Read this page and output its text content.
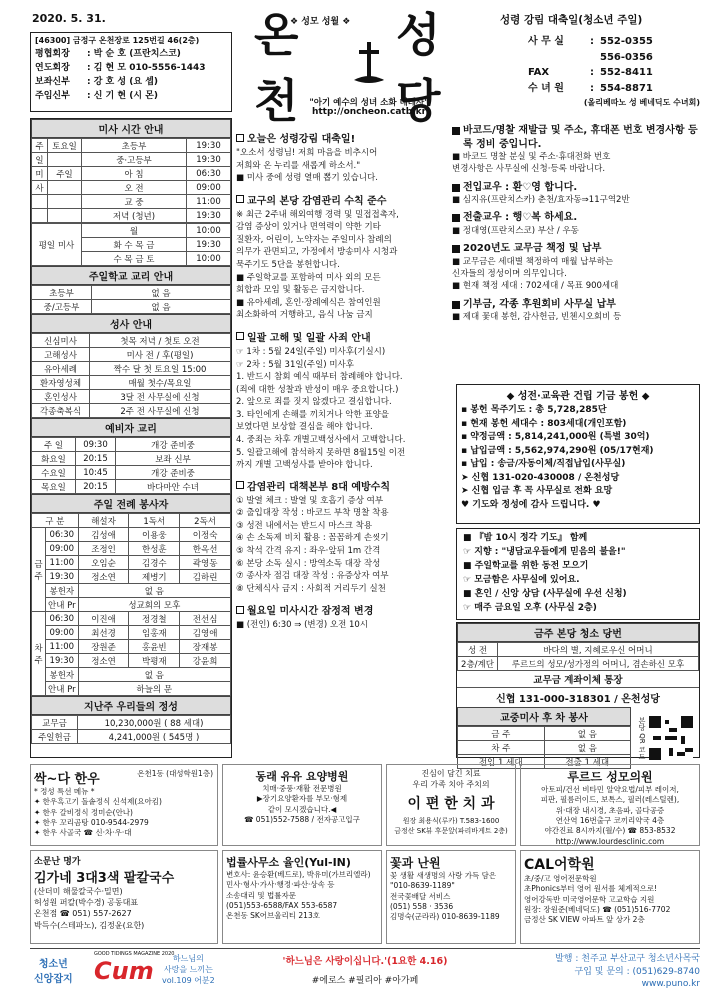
2020. 5. 31.	❖ 성모 성월 ❖	성령 강림 대축일(청소년 주일)
[46300] 금정구 온천장로 125번길 46(2층)
평협회장 : 박 순 호 (프란치스코)
연도회장 : 김 현 모 010-5556-1443
보좌신부 : 강 호 성 (요 셉)
주임신부 : 신 기 현 (시 몬)
온천
성당
"아기 예수의 성녀 소화 데레사"
http://oncheon.catb.kr
사 무 실	: 552-0355
556-0356
FAX	: 552-8411
수 녀 원	: 554-8871
(올리베따노 성 베네딕도 수녀회)
미사 시간 안내
주	토요일	초등부	19:30
일		중·고등부	19:30
미	주일	아 침	06:30
사		오 전	09:00
		교 중	11:00
		저녁 (청년)	19:30
평일 미사	월	10:00
	화 수 목 금	19:30
	수 목 금 토	10:00
주일학교 교리 안내
초등부	없 음
중/고등부	없 음
성사 안내
신심미사	첫목 저녁 / 첫토 오전
고해성사	미사 전 / 후(평일)
유아세례	짝수 달 첫 토요일 15:00
환자영성체	매월 첫수/목요일
혼인성사	3달 전 사무실에 신청
각종축복식	2주 전 사무실에 신청
예비자 교리
주 일	09:30	개강 준비중
화요일	20:15	보좌 신부
수요일	10:45	개강 준비중
목요일	20:15	바다마안 수녀
주일 전례 봉사자
구 분		해설자	1독서	2독서
금 주	06:30	김성애	이용웅	이정숙
	09:00	조정인	한성훈	한옥선
	11:00	오임순	김경수	곽영동
	19:30	정소연	제병기	김하린
	봉헌자	없 음		
	안내 Pr	성교회의 모후		
차 주	06:30	이진애	정경철	전선심
	09:00	최선경	임홍재	김영애
	11:00	장원준	홍윤빈	장재봉
	19:30	정소연	박평재	강윤희
	봉헌자	없 음		
	안내 Pr	하늘의 문		
지난주 우리들의 정성
교무금	10,230,000원 ( 88 세대)
주일헌금	4,241,000원 ( 545명 )
오늘은 성령강림 대축일!
"오소서 성령님! 저희 마음을 비추시어
저희와 온 누리를 새롭게 하소서."
■ 미사 중에 성령 열매 뽑기 있습니다.
교구의 본당 감염관리 수칙 준수
※ 최근 2주내 해외여행 경력 및 밀접접촉자,
감염 증상이 있거나 면역력이 약한 기타
질환자, 어린이, 노약자는 주일미사 참례의
의무가 관면되고, 가정에서 방송미사 시청과
묵주기도 5단을 봉헌합니다.
■ 주일학교를 포함하여 미사 외의 모든
회합과 모임 및 활동은 금지합니다.
■ 유아세례, 혼인·장례예식은 참여인원
최소화하여 거행하고, 음식 나눔 금지
일괄 고해 및 일괄 사죄 안내
☞ 1차 : 5월 24일(주일) 미사후(기실시)
☞ 2차 : 5월 31일(주일) 미사후
1. 반드시 참회 예식 때부터 참례해야 합니다.
(죄에 대한 성찰과 반성이 매우 중요합니다.)
2. 앞으로 죄를 짓지 않겠다고 결심합니다.
3. 타인에게 손해를 끼치거나 악한 표양을
보였다면 보상할 결심을 해야 합니다.
4. 중죄는 차후 개별고백성사에서 고백합니다.
5. 일괄고해에 참석하지 못하면 8월15일 이전
까지 개별 고백성사를 받아야 합니다.
감염관리 대책본부 8대 예방수칙
① 발열 체크 : 발열 및 호흡기 증상 여부
② 출입대장 작성 : 바코드 부착 명찰 착용
③ 성전 내에서는 반드시 마스크 착용
④ 손 소독제 비치 활용 : 꼼꼼하게 손씻기
⑤ 착석 간격 유지 : 좌우·앞뒤 1m 간격
⑥ 본당 소독 실시 : 방역소독 대장 작성
⑦ 종사자 점검 대장 작성 : 유증상자 여부
⑧ 단체식사 금지 : 사회적 거리두기 실천
월요일 미사시간 잠정적 변경
■ (전인) 6:30 ⇒ (변경) 오전 10시
바코드/명찰 재발급 및 주소, 휴대폰 번호 변경사항 등록 정비 중입니다.
■ 바코드 명찰 분실 및 주소·휴대전화 번호
변경사항은 사무실에 신청·등록 바랍니다.
전입교우 : 환♡영 합니다.
■ 심지유(프란치스카) 춘천/효자동⇒11구역2반
전출교우 : 행♡복 하세요.
■ 정대영(프란치스코) 부산 / 우동
2020년도 교무금 책정 및 납부
■ 교무금은 세대별 책정하여 매월 납부하는
신자들의 정성이며 의무입니다.
■ 현재 책정 세대 : 702세대 / 목표 900세대
기부금, 각종 후원회비 사무실 납부
■ 제대 꽃대 봉헌, 감사헌금, 빈첸시오회비 등
◆ 성전·교육관 건립 기금 봉헌 ◆
▪ 봉헌 목주기도 : 총 5,728,285단
▪ 현재 봉헌 세대수 : 803세대(개인포함)
▪ 약정금액 : 5,814,241,000원 (특별 30억)
▪ 납입금액 : 5,562,974,290원 (05/17현재)
▪ 납입 : 송금/자동이체/직접납입(사무실)
➤ 신협 131-020-430008 / 온천성당
➤ 신협 입금 후 꼭 사무실로 전화 요망
♥ 기도와 정성에 감사 드립니다. ♥
■ 『밤 10시 정각 기도』 함께
☞ 지향 : "냉담교우들에게 믿음의 불을!"
■ 주일학교를 위한 동전 모으기
☞ 모금함은 사무실에 있어요.
■ 혼인 / 신앙 상담 (사무실에 우선 신청)
☞ 매주 금요일 오후 (사무실 2층)
금주 본당 청소 당번
성 전	바다의 별, 지혜로우신 어머니
2층/계단	루르드의 성모/성가정의 어머니, 겸손하신 모후
교무금 계좌이체 통장
신협 131-000-318301 / 온천성당
교중미사 후 차 봉사
금 주	없 음
차 주	없 음
전입 1 세대	전출 1 세대
본당 QR 코드
싹~다 한우	온천1동 (대성학원1층)
* 정성 특선 메뉴 *
✦ 한우흑고기 돌솥정식 신석제(요아킴)
✦ 한우 갈비정식 정미순(안나)
✦ 한우 꼬리곰탕 010-9544-2979
✦ 한우 사골국 ☎ 신·차·우·대
동래 유유 요양병원
치매·중풍·재활 전문병원
▶장기요양환자를 부모·형제
같이 모시겠습니다.◀
☎ 051)552-7588 / 전자공고입구
진심이 담긴 치료
우리 가족 치아 주치의
이 편 한 치 과
원장 최용식(루카) T.583-1600
금정산 SK뷰 후문앞(파리바게트 2층)
루르드 성모의원
아토피/건선 비타민 알약요법/피부 레이저,
피판, 필름러이드, 보톡스, 필러(레스틸렌),
위·대장 내시경, 초음파, 골다공증
연산역 16번출구 코끼리약국 4층
야간진료 8시까지(월/수) ☎ 853-8532
http://www.lourdesclinic.com
소문난 명가
김가네 3대3색 팥칼국수
(산더미 해물칼국수·밀면)
허성원 퍼칼(박수경) 공동대표
온천점 ☎ 051) 557-2627
박득수(스테파노), 김정윤(요한)
법률사무소 율인(Yul-IN)
변호사: 윤승환(베드로), 박유미(가브리엘라)
민사·형사·가사·행정·파산·상속 등
소송대리 및 법률자문
(051)553-6588/FAX 553-6587
온천동 SK어브울리티 213호
꽃과 난원
꽃 생활 새생명의 사랑 가득 담은
"010-8639-1189"
전국꽃배달 서비스
(051) 558 · 3536
김명숙(군라라) 010-8639-1189
CAL어학원
초/중/고 영어전문학원
초Phonics부터 영어 원서를 체계적으로!
영어강독반 미국영어문학 고교학습 지원
원장: 장원준(베네딕도) ☎ (051)516-7702
금정산 SK VIEW 아파트 앞 상가 2층
청소년
신앙잡지
GOOD TIDINGS MAGAZINE 2020
Cum	하느님의
사랑을 느끼는
vol.109 어분2
'하느님은 사랑이십니다.'(1요한 4.16)
#에로스 #필리아 #아가페
발행 : 천주교 부산교구 청소년사목국
구입 및 문의 : (051)629-8740
www.puno.kr
